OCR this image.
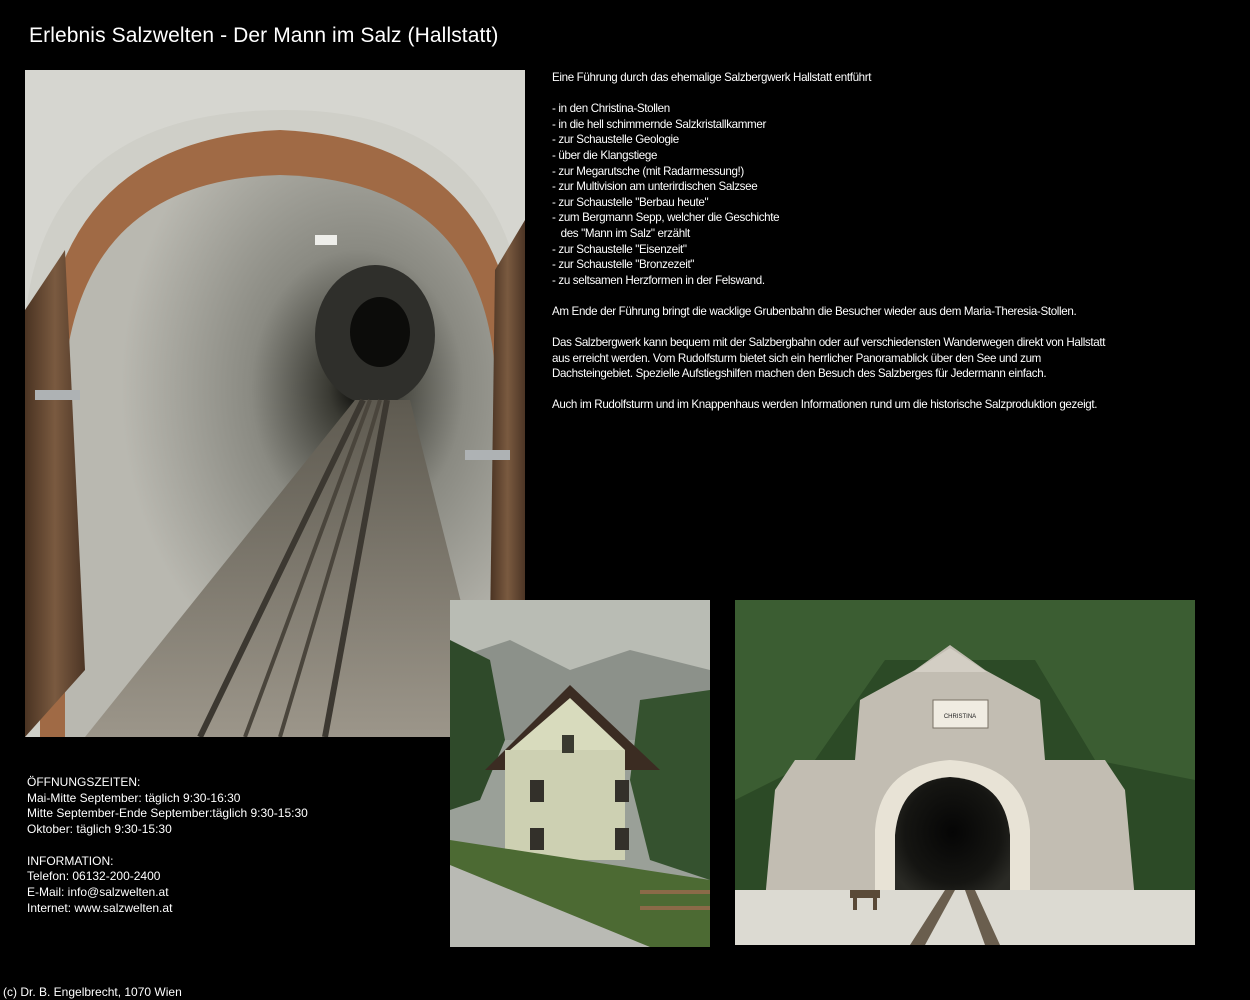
Erlebnis Salzwelten - Der Mann im Salz (Hallstatt)

Eine Führung durch das ehemalige Salzbergwerk Hallstatt entführt

- in den Christina-Stollen
- in die hell schimmernde Salzkristallkammer
- zur Schaustelle Geologie
- über die Klangstiege
- zur Megarutsche (mit Radarmessung!)
- zur Multivision am unterirdischen Salzsee
- zur Schaustelle "Berbau heute"
- zum Bergmann Sepp, welcher die Geschichte
des "Mann im Salz" erzählt
- zur Schaustelle "Eisenzeit"
- zur Schaustelle "Bronzezeit"
- zu seltsamen Herzformen in der Felswand.

Am Ende der Führung bringt die wacklige Grubenbahn die Besucher wieder aus dem Maria-Theresia-Stollen.

Das Salzbergwerk kann bequem mit der Salzbergbahn oder auf verschiedensten Wanderwegen direkt von Hallstatt aus erreicht werden. Vom Rudolfsturm bietet sich ein herrlicher Panoramablick über den See und zum Dachsteingebiet. Spezielle Aufstiegshilfen machen den Besuch des Salzberges für Jedermann einfach.

Auch im Rudolfsturm und im Knappenhaus werden Informationen rund um die historische Salzproduktion gezeigt.

CHRISTINA
ÖFFNUNGSZEITEN:
Mai-Mitte September: täglich 9:30-16:30
Mitte September-Ende September:täglich 9:30-15:30
Oktober: täglich 9:30-15:30
INFORMATION:
Telefon: 06132-200-2400
E-Mail: info@salzwelten.at
Internet: www.salzwelten.at
(c) Dr. B. Engelbrecht, 1070 Wien
